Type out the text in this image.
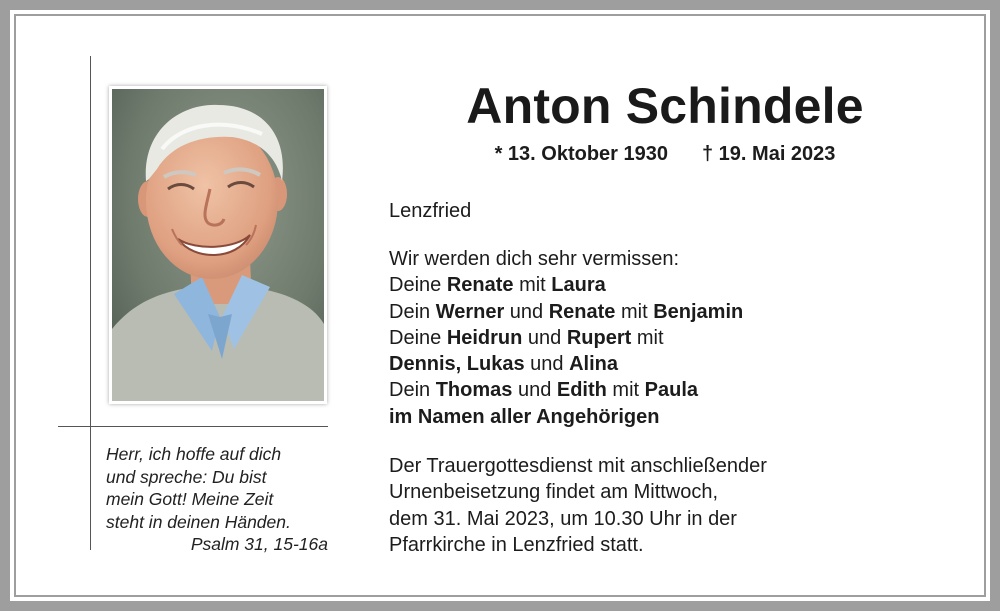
Herr, ich hoffe auf dich
und spreche: Du bist
mein Gott! Meine Zeit
steht in deinen Händen.
Psalm 31, 15-16a
Anton Schindele
* 13. Oktober 1930 † 19. Mai 2023
Lenzfried
Wir werden dich sehr vermissen:
Deine Renate mit Laura
Dein Werner und Renate mit Benjamin
Deine Heidrun und Rupert mit
Dennis, Lukas und Alina
Dein Thomas und Edith mit Paula
im Namen aller Angehörigen
Der Trauergottesdienst mit anschließender
Urnenbeisetzung findet am Mittwoch,
dem 31. Mai 2023, um 10.30 Uhr in der
Pfarrkirche in Lenzfried statt.
